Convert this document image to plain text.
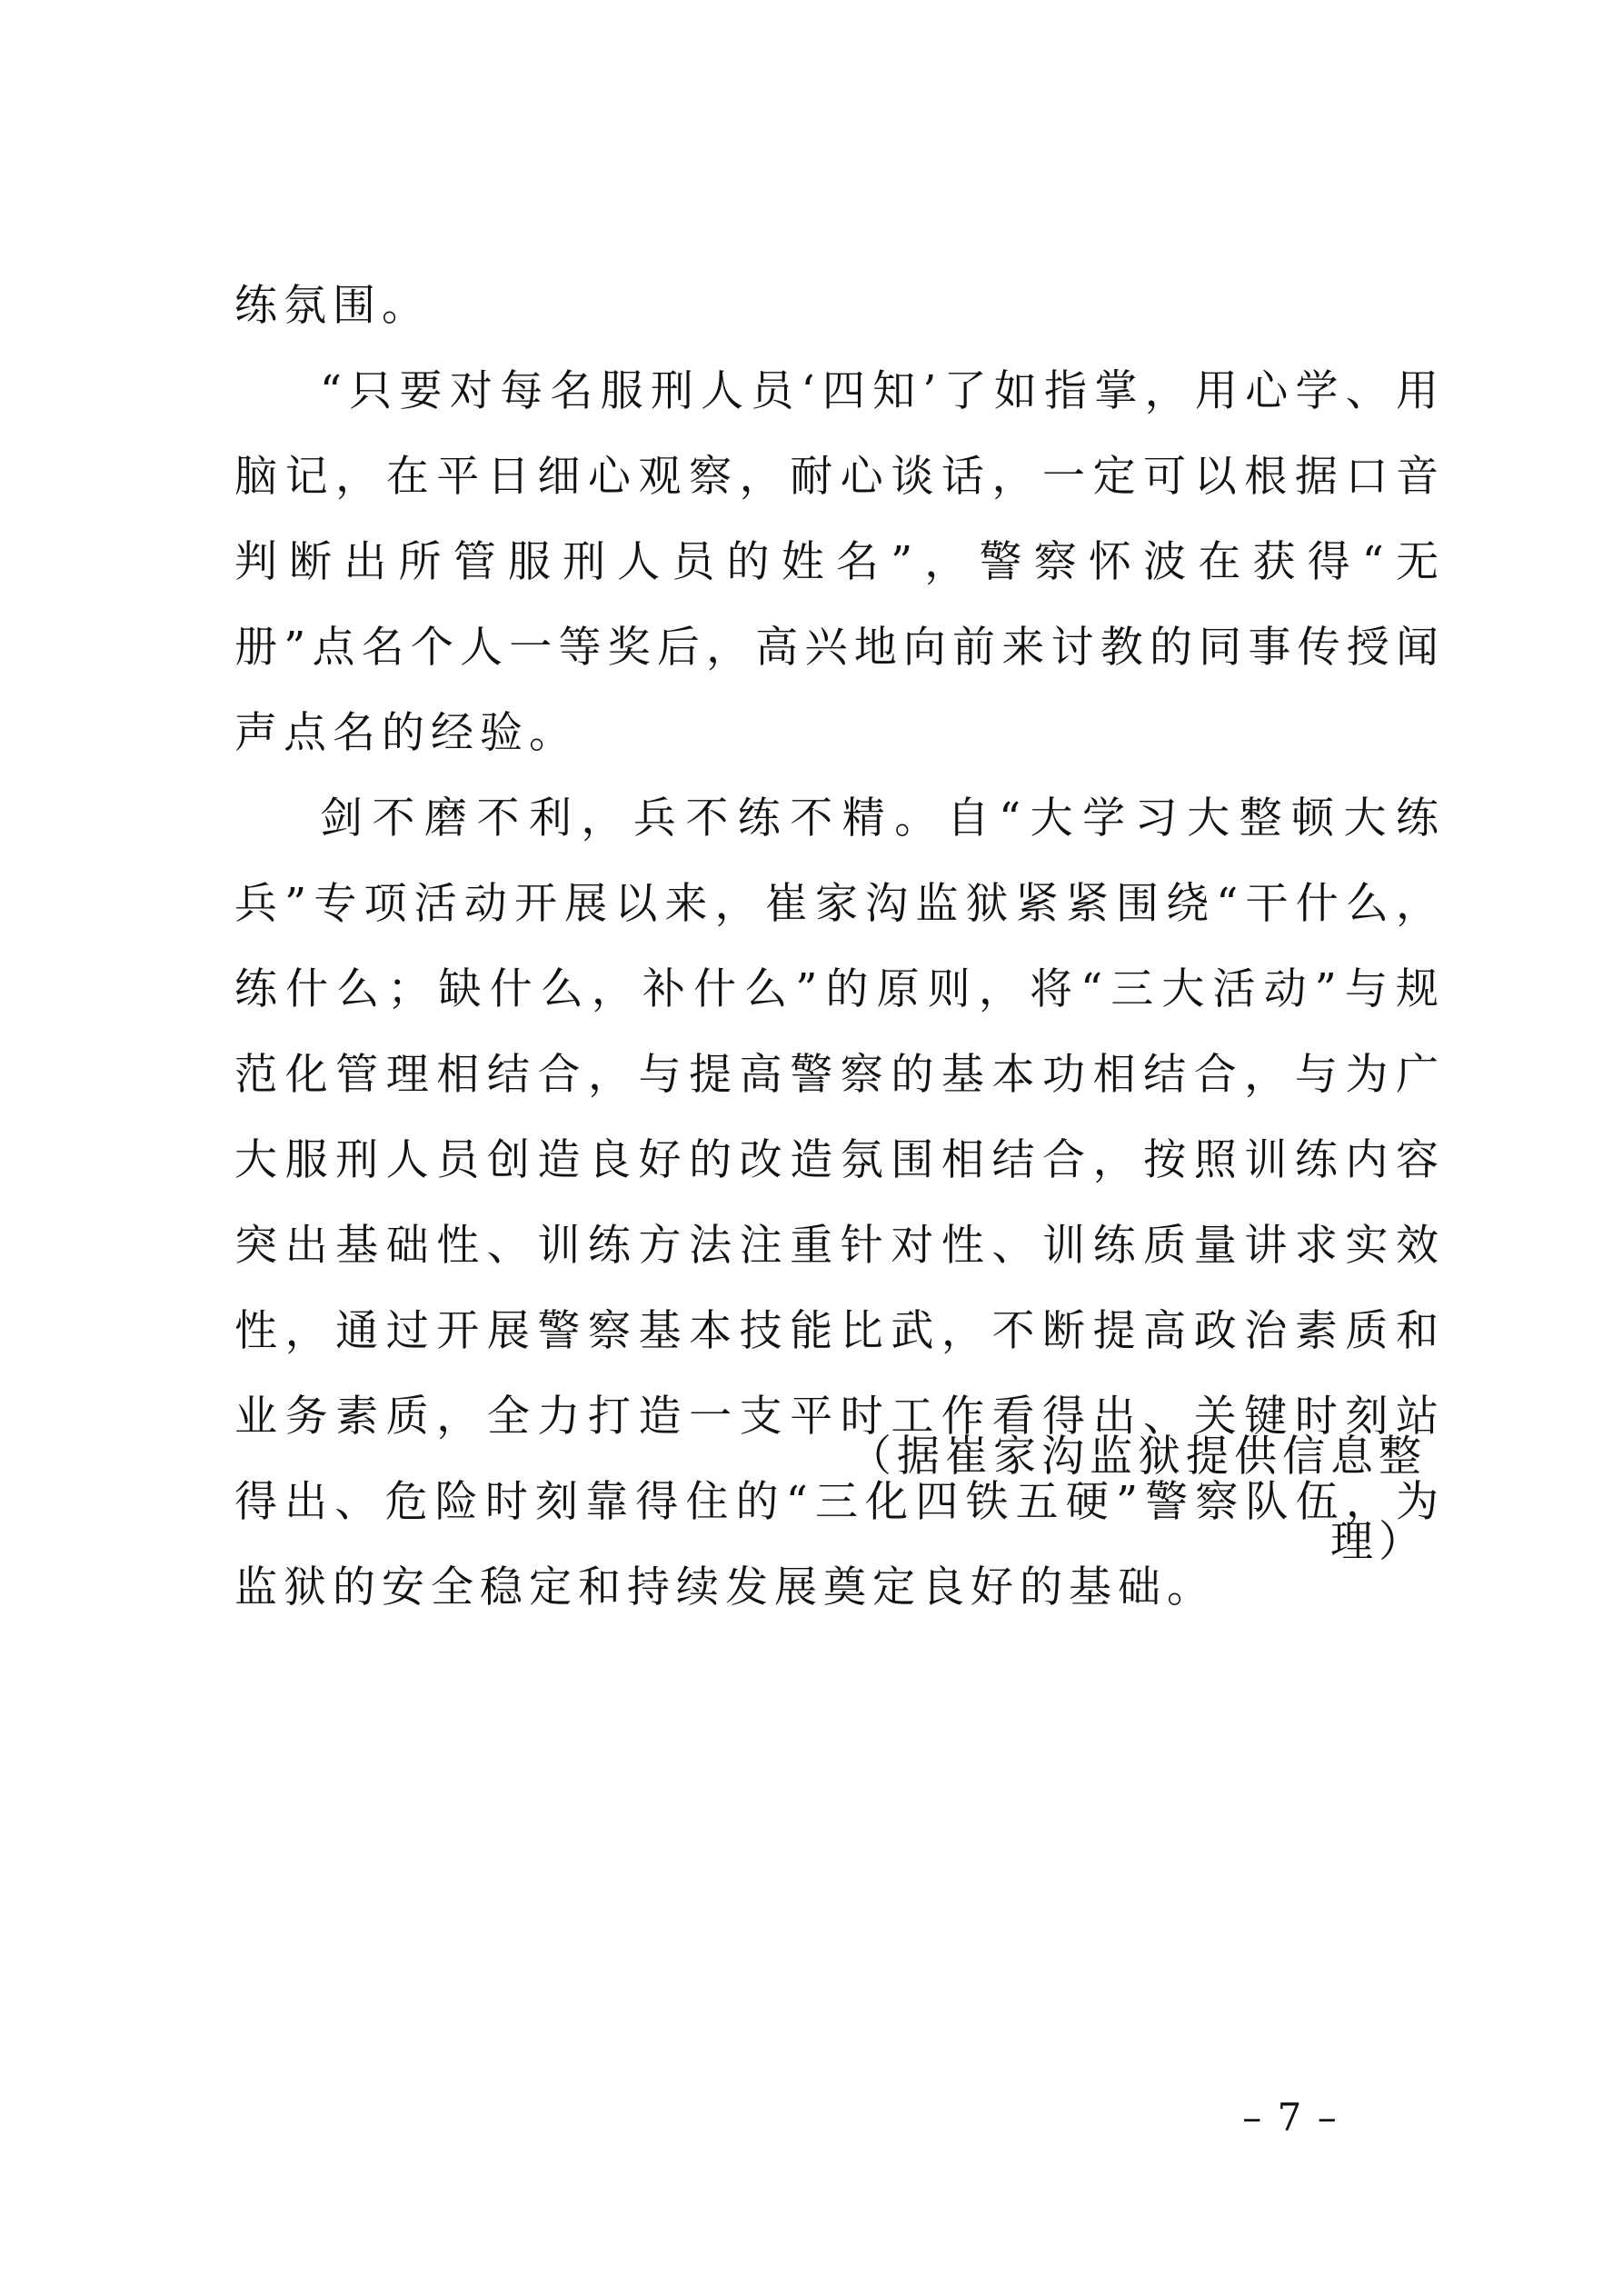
练氛围。

“只要对每名服刑人员‘四知’了如指掌，用心学、用脑记，在平日细心观察，耐心谈话，一定可以根据口音判断出所管服刑人员的姓名”，警察怀波在获得“无册”点名个人一等奖后，高兴地向前来讨教的同事传授闻声点名的经验。

剑不磨不利，兵不练不精。自“大学习大整顿大练兵”专项活动开展以来，崔家沟监狱紧紧围绕“干什么，练什么；缺什么，补什么”的原则，将“三大活动”与规范化管理相结合，与提高警察的基本功相结合，与为广大服刑人员创造良好的改造氛围相结合，按照训练内容突出基础性、训练方法注重针对性、训练质量讲求实效性，通过开展警察基本技能比武，不断提高政治素质和业务素质，全力打造一支平时工作看得出、关键时刻站得出、危险时刻靠得住的“三化四铁五硬”警察队伍，为监狱的安全稳定和持续发展奠定良好的基础。

（据崔家沟监狱提供信息整理）
– 7 –
